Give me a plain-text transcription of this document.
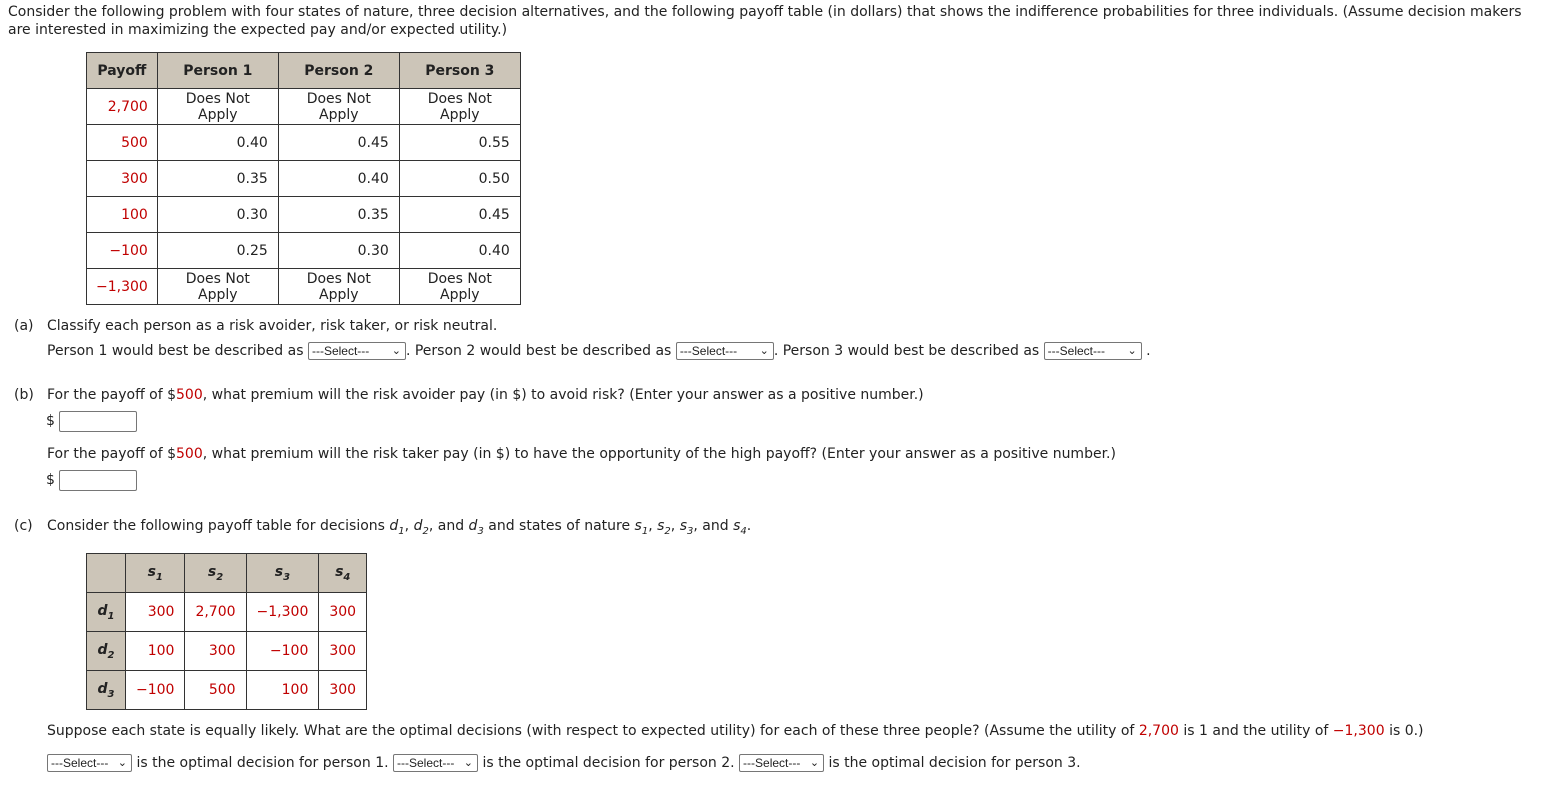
Consider the following problem with four states of nature, three decision alternatives, and the following payoff table (in dollars) that shows the indifference probabilities for three individuals. (Assume decision makers are interested in maximizing the expected pay and/or expected utility.)
Payoff	Person 1	Person 2	Person 3
2,700	Does Not Apply	Does Not Apply	Does Not Apply
500	0.40	0.45	0.55
300	0.35	0.40	0.50
100	0.30	0.35	0.45
−100	0.25	0.30	0.40
−1,300	Does Not Apply	Does Not Apply	Does Not Apply
(a) Classify each person as a risk avoider, risk taker, or risk neutral.
Person 1 would best be described as ---Select--- ⌄ . Person 2 would best be described as ---Select--- ⌄ . Person 3 would best be described as ---Select--- ⌄ .
(b) For the payoff of $500, what premium will the risk avoider pay (in $) to avoid risk? (Enter your answer as a positive number.)
$
For the payoff of $500, what premium will the risk taker pay (in $) to have the opportunity of the high payoff? (Enter your answer as a positive number.)
$
(c) Consider the following payoff table for decisions $d_1$, $d_2$, and $d_3$ and states of nature $s_1$, $s_2$, $s_3$, and $s_4$.
	$s_1$	$s_2$	$s_3$	$s_4$
$d_1$	300	2,700	−1,300	300
$d_2$	100	300	−100	300
$d_3$	−100	500	100	300
Suppose each state is equally likely. What are the optimal decisions (with respect to expected utility) for each of these three people? (Assume the utility of 2,700 is 1 and the utility of −1,300 is 0.)
---Select--- ⌄ is the optimal decision for person 1. ---Select--- ⌄ is the optimal decision for person 2. ---Select--- ⌄ is the optimal decision for person 3.
